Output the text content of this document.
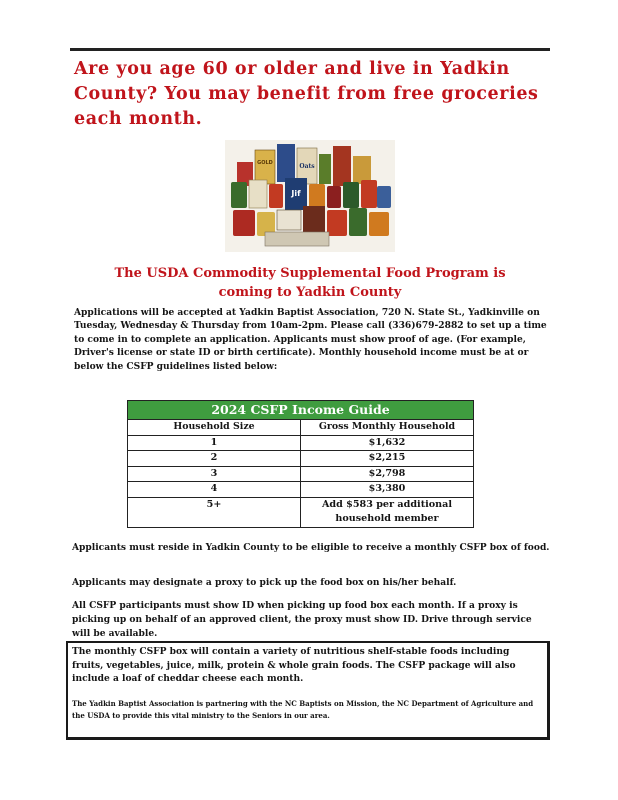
Are you age 60 or older and live in Yadkin County? You may benefit from free groceries each month.
GOLD	Oats
Jif
The USDA Commodity Supplemental Food Program is
coming to Yadkin County

Applications will be accepted at Yadkin Baptist Association, 720 N. State St., Yadkinville on Tuesday, Wednesday & Thursday from 10am-2pm. Please call (336)679-2882 to set up a time to come in to complete an application. Applicants must show proof of age. (For example, Driver's license or state ID or birth certificate). Monthly household income must be at or below the CSFP guidelines listed below:

2024 CSFP Income Guide
Household Size	Gross Monthly Household
1	$1,632
2	$2,215
3	$2,798
4	$3,380
5+	Add $583 per additional household member

Applicants must reside in Yadkin County to be eligible to receive a monthly CSFP box of food.

Applicants may designate a proxy to pick up the food box on his/her behalf.

All CSFP participants must show ID when picking up food box each month. If a proxy is picking up on behalf of an approved client, the proxy must show ID. Drive through service will be available.

The monthly CSFP box will contain a variety of nutritious shelf-stable foods including fruits, vegetables, juice, milk, protein & whole grain foods. The CSFP package will also include a loaf of cheddar cheese each month.

The Yadkin Baptist Association is partnering with the NC Baptists on Mission, the NC Department of Agriculture and the USDA to provide this vital ministry to the Seniors in our area.
